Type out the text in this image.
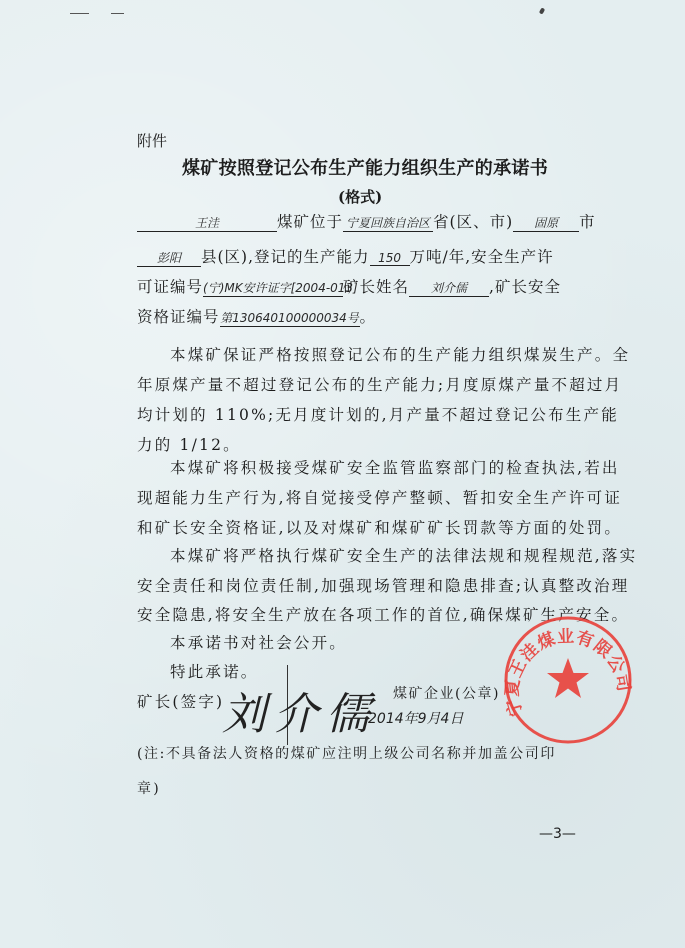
附件
煤矿按照登记公布生产能力组织生产的承诺书
(格式)
王洼	煤矿位于 宁夏回族自治区 省(区、市) 固原 市
彭阳 县(区),登记的生产能力 150 万吨/年,安全生产许
可证编号(宁)MK安许证字[2004-013]矿长姓名 刘介儒 ,矿长安全
资格证编号第130640100000034号。
本煤矿保证严格按照登记公布的生产能力组织煤炭生产。全
年原煤产量不超过登记公布的生产能力;月度原煤产量不超过月
均计划的 110%;无月度计划的,月产量不超过登记公布生产能
力的 1/12。
本煤矿将积极接受煤矿安全监管监察部门的检查执法,若出
现超能力生产行为,将自觉接受停产整顿、暂扣安全生产许可证
和矿长安全资格证,以及对煤矿和煤矿矿长罚款等方面的处罚。
本煤矿将严格执行煤矿安全生产的法律法规和规程规范,落实
安全责任和岗位责任制,加强现场管理和隐患排查;认真整改治理
安全隐患,将安全生产放在各项工作的首位,确保煤矿生产安全。
本承诺书对社会公开。
特此承诺。
矿长(签字)
刘介儒 煤矿企业(公章)
2014年9月4日
宁夏王洼煤业有限公司
(注:不具备法人资格的煤矿应注明上级公司名称并加盖公司印
章)
—3—
